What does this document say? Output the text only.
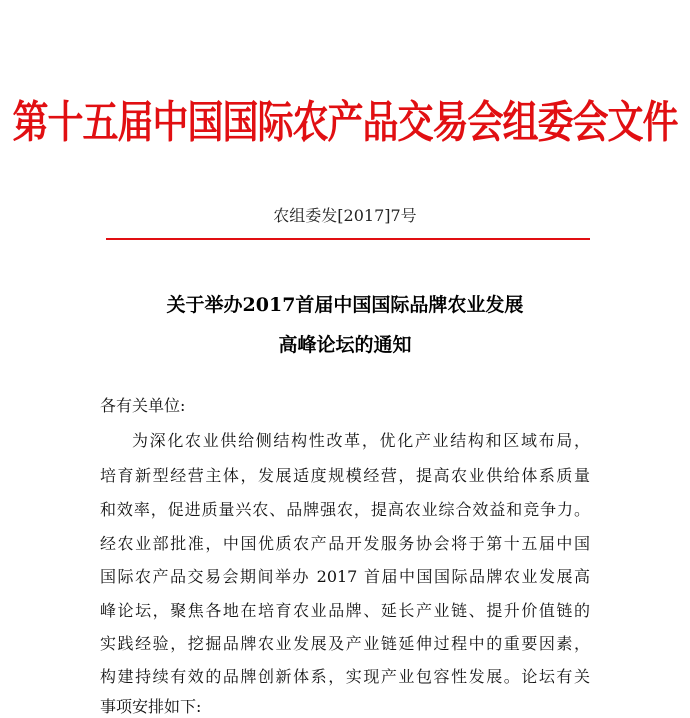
第十五届中国国际农产品交易会组委会文件
农组委发[2017]7号
关于举办2017首届中国国际品牌农业发展
高峰论坛的通知
各有关单位:
为深化农业供给侧结构性改革，优化产业结构和区域布局，
培育新型经营主体，发展适度规模经营，提高农业供给体系质量
和效率，促进质量兴农、品牌强农，提高农业综合效益和竞争力。
经农业部批准，中国优质农产品开发服务协会将于第十五届中国
国际农产品交易会期间举办 2017 首届中国国际品牌农业发展高
峰论坛，聚焦各地在培育农业品牌、延长产业链、提升价值链的
实践经验，挖掘品牌农业发展及产业链延伸过程中的重要因素，
构建持续有效的品牌创新体系，实现产业包容性发展。论坛有关
事项安排如下:
